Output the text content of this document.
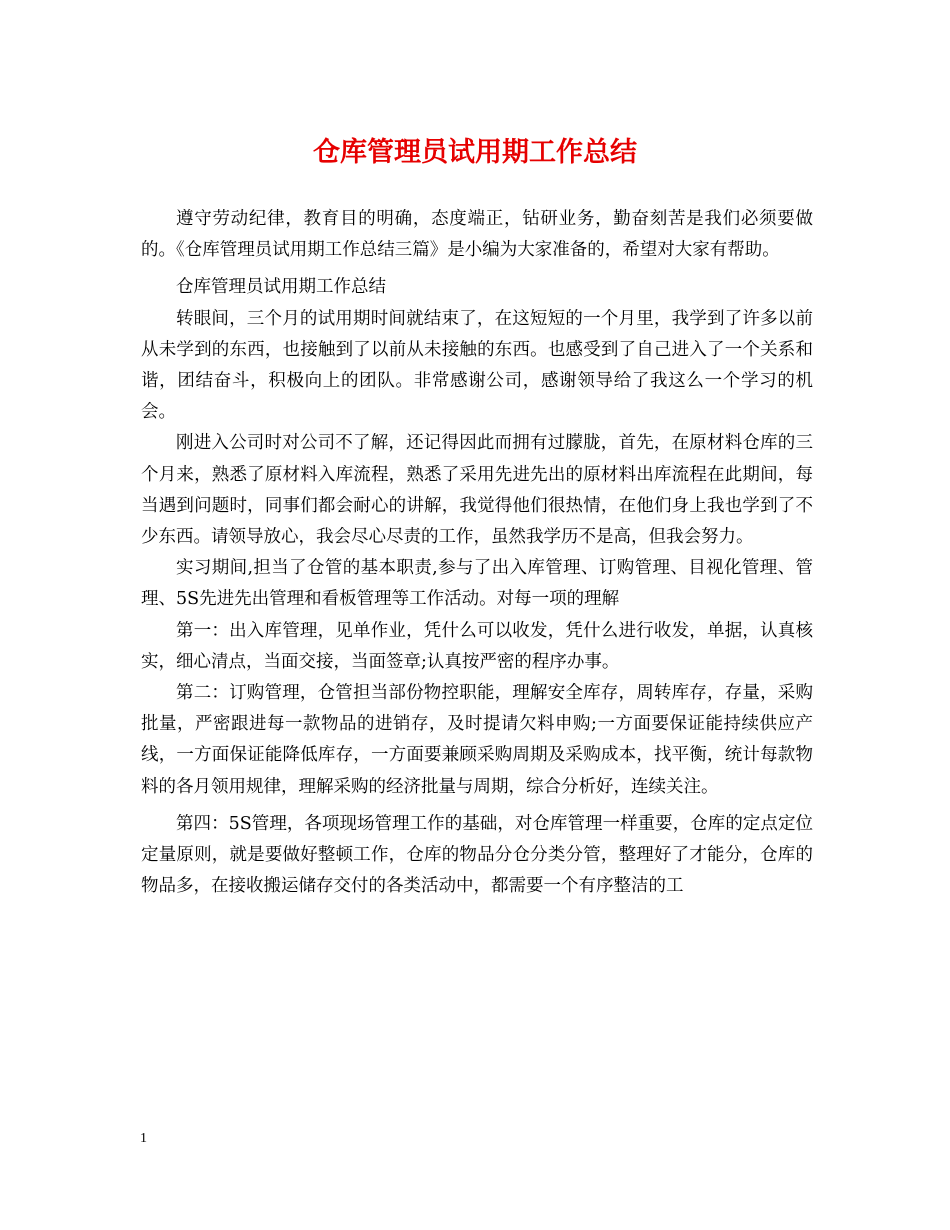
仓库管理员试用期工作总结

遵守劳动纪律，教育目的明确，态度端正，钻研业务，勤奋刻苦是我们必须要做的。《仓库管理员试用期工作总结三篇》是小编为大家准备的，希望对大家有帮助。

仓库管理员试用期工作总结

转眼间，三个月的试用期时间就结束了，在这短短的一个月里，我学到了许多以前从未学到的东西，也接触到了以前从未接触的东西。也感受到了自己进入了一个关系和谐，团结奋斗，积极向上的团队。非常感谢公司，感谢领导给了我这么一个学习的机会。

刚进入公司时对公司不了解，还记得因此而拥有过朦胧，首先，在原材料仓库的三个月来，熟悉了原材料入库流程，熟悉了采用先进先出的原材料出库流程在此期间，每当遇到问题时，同事们都会耐心的讲解，我觉得他们很热情，在他们身上我也学到了不少东西。请领导放心，我会尽心尽责的工作，虽然我学历不是高，但我会努力。

实习期间,担当了仓管的基本职责,参与了出入库管理、订购管理、目视化管理、管理、5S先进先出管理和看板管理等工作活动。对每一项的理解

第一：出入库管理，见单作业，凭什么可以收发，凭什么进行收发，单据，认真核实，细心清点，当面交接，当面签章;认真按严密的程序办事。

第二：订购管理，仓管担当部份物控职能，理解安全库存，周转库存，存量，采购批量，严密跟进每一款物品的进销存，及时提请欠料申购;一方面要保证能持续供应产线，一方面保证能降低库存，一方面要兼顾采购周期及采购成本，找平衡，统计每款物料的各月领用规律，理解采购的经济批量与周期，综合分析好，连续关注。

第四：5S管理，各项现场管理工作的基础，对仓库管理一样重要，仓库的定点定位定量原则，就是要做好整顿工作，仓库的物品分仓分类分管，整理好了才能分，仓库的物品多，在接收搬运储存交付的各类活动中，都需要一个有序整洁的工

1
